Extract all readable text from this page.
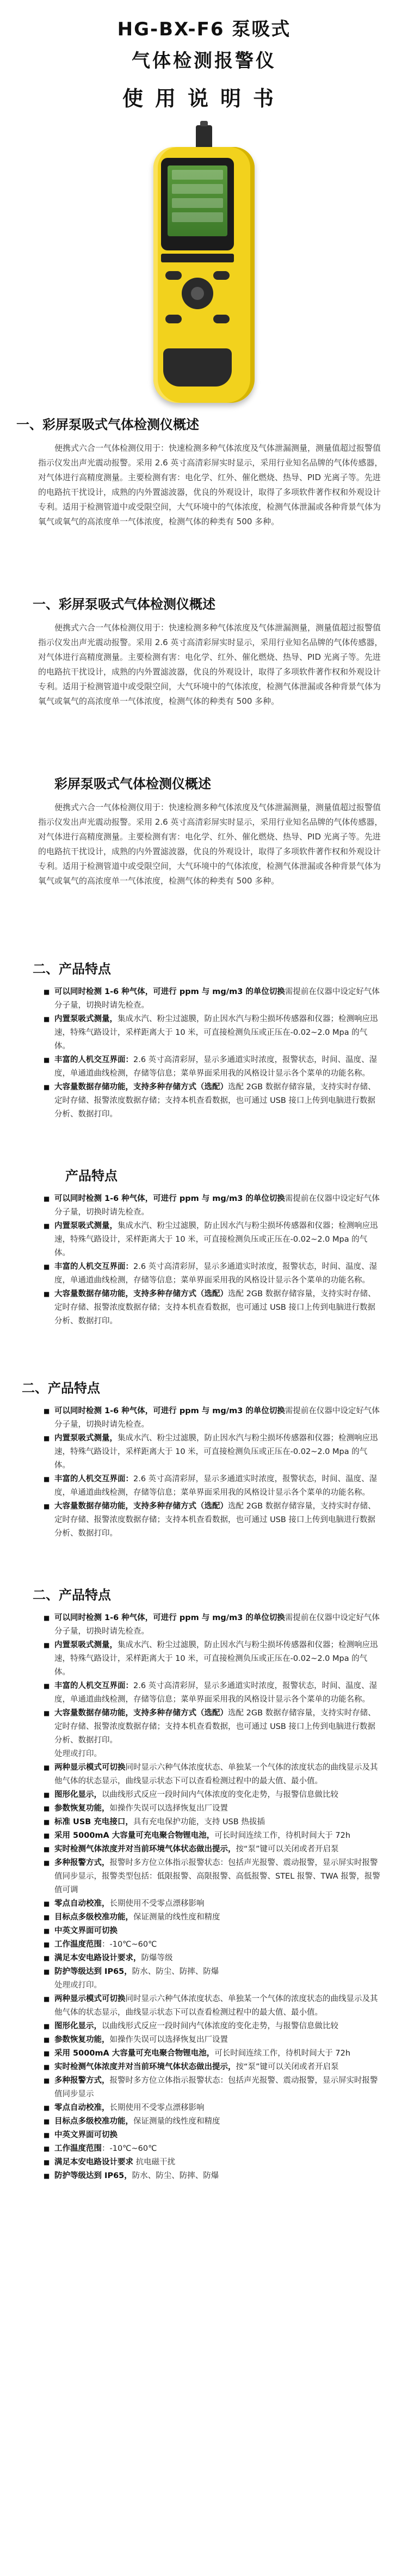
HG-BX-F6 泵吸式
气体检测报警仪
使用说明书
一、彩屏泵吸式气体检测仪概述

便携式六合一气体检测仪用于：快速检测多种气体浓度及气体泄漏测量，测量值超过报警值指示仪发出声光震动报警。采用 2.6 英寸高清彩屏实时显示，采用行业知名品牌的气体传感器，对气体进行高精度测量。主要检测有害：电化学、红外、催化燃烧、热导、PID 光离子等。先进的电路抗干扰设计，成熟的内外置滤波器，优良的外观设计，取得了多项软件著作权和外观设计专利。适用于检测管道中或受限空间，大气环境中的气体浓度，检测气体泄漏或各种背景气体为氧气或氧气的高浓度单一气体浓度，检测气体的种类有 500 多种。

一、彩屏泵吸式气体检测仪概述

便携式六合一气体检测仪用于：快速检测多种气体浓度及气体泄漏测量，测量值超过报警值指示仪发出声光震动报警。采用 2.6 英寸高清彩屏实时显示，采用行业知名品牌的气体传感器，对气体进行高精度测量。主要检测有害：电化学、红外、催化燃烧、热导、PID 光离子等。先进的电路抗干扰设计，成熟的内外置滤波器，优良的外观设计，取得了多项软件著作权和外观设计专利。适用于检测管道中或受限空间，大气环境中的气体浓度，检测气体泄漏或各种背景气体为氧气或氧气的高浓度单一气体浓度，检测气体的种类有 500 多种。

彩屏泵吸式气体检测仪概述

便携式六合一气体检测仪用于：快速检测多种气体浓度及气体泄漏测量，测量值超过报警值指示仪发出声光震动报警。采用 2.6 英寸高清彩屏实时显示，采用行业知名品牌的气体传感器，对气体进行高精度测量。主要检测有害：电化学、红外、催化燃烧、热导、PID 光离子等。先进的电路抗干扰设计，成熟的内外置滤波器，优良的外观设计，取得了多项软件著作权和外观设计专利。适用于检测管道中或受限空间，大气环境中的气体浓度，检测气体泄漏或各种背景气体为氧气或氧气的高浓度单一气体浓度，检测气体的种类有 500 多种。

二、产品特点
■ 可以同时检测 1-6 种气体，可进行 ppm 与 mg/m3 的单位切换需提前在仪器中设定好气体分子量，切换时请先检查。
■ 内置泵吸式测量，集成水汽、粉尘过滤膜，防止因水汽与粉尘损坏传感器和仪器；检测响应迅速，特殊气路设计，采样距离大于 10 米，可直接检测负压或正压在-0.02~2.0 Mpa 的气体。
■ 丰富的人机交互界面：2.6 英寸高清彩屏，显示多通道实时浓度，报警状态，时间、温度、湿度，单通道曲线检测，存储等信息；菜单界面采用我的风格设计显示各个菜单的功能名称。
■ 大容量数据存储功能，支持多种存储方式（选配）选配 2GB 数据存储容量，支持实时存储、定时存储、报警浓度数据存储；支持本机查看数据，也可通过 USB 接口上传到电脑进行数据分析、数据打印。
产品特点
■ 可以同时检测 1-6 种气体，可进行 ppm 与 mg/m3 的单位切换需提前在仪器中设定好气体分子量，切换时请先检查。
■ 内置泵吸式测量，集成水汽、粉尘过滤膜，防止因水汽与粉尘损坏传感器和仪器；检测响应迅速，特殊气路设计，采样距离大于 10 米，可直接检测负压或正压在-0.02~2.0 Mpa 的气体。
■ 丰富的人机交互界面：2.6 英寸高清彩屏，显示多通道实时浓度，报警状态，时间、温度、湿度，单通道曲线检测，存储等信息；菜单界面采用我的风格设计显示各个菜单的功能名称。
■ 大容量数据存储功能，支持多种存储方式（选配）选配 2GB 数据存储容量，支持实时存储、定时存储、报警浓度数据存储；支持本机查看数据，也可通过 USB 接口上传到电脑进行数据分析、数据打印。
二、产品特点
■ 可以同时检测 1-6 种气体，可进行 ppm 与 mg/m3 的单位切换需提前在仪器中设定好气体分子量，切换时请先检查。
■ 内置泵吸式测量，集成水汽、粉尘过滤膜，防止因水汽与粉尘损坏传感器和仪器；检测响应迅速，特殊气路设计，采样距离大于 10 米，可直接检测负压或正压在-0.02~2.0 Mpa 的气体。
■ 丰富的人机交互界面：2.6 英寸高清彩屏，显示多通道实时浓度，报警状态，时间、温度、湿度，单通道曲线检测，存储等信息；菜单界面采用我的风格设计显示各个菜单的功能名称。
■ 大容量数据存储功能，支持多种存储方式（选配）选配 2GB 数据存储容量，支持实时存储、定时存储、报警浓度数据存储；支持本机查看数据，也可通过 USB 接口上传到电脑进行数据分析、数据打印。
二、产品特点
■ 可以同时检测 1-6 种气体，可进行 ppm 与 mg/m3 的单位切换需提前在仪器中设定好气体分子量，切换时请先检查。
■ 内置泵吸式测量，集成水汽、粉尘过滤膜，防止因水汽与粉尘损坏传感器和仪器；检测响应迅速，特殊气路设计，采样距离大于 10 米，可直接检测负压或正压在-0.02~2.0 Mpa 的气体。
■ 丰富的人机交互界面：2.6 英寸高清彩屏，显示多通道实时浓度，报警状态，时间、温度、湿度，单通道曲线检测，存储等信息；菜单界面采用我的风格设计显示各个菜单的功能名称。
■ 大容量数据存储功能，支持多种存储方式（选配）选配 2GB 数据存储容量，支持实时存储、定时存储、报警浓度数据存储；支持本机查看数据，也可通过 USB 接口上传到电脑进行数据分析、数据打印。

处理或打印。

■ 两种显示模式可切换同时显示六种气体浓度状态、单独某一个气体的浓度状态的曲线显示及其他气体的状态显示，曲线显示状态下可以查看检测过程中的最大值、最小值。
■ 图形化显示，以曲线形式反应一段时间内气体浓度的变化走势，与报警信息做比较
■ 参数恢复功能，如操作失误可以选择恢复出厂设置
■ 标准 USB 充电接口，具有充电保护功能，支持 USB 热拔插
■ 采用 5000mA 大容量可充电聚合物锂电池，可长时间连续工作，待机时间大于 72h
■ 实时检测气体浓度并对当前环境气体状态做出提示，按“泵”键可以关闭或者开启泵
■ 多种报警方式，报警时多方位立体指示报警状态：包括声光报警、震动报警，显示屏实时报警值同步显示，报警类型包括：低限报警、高限报警、高低报警、STEL 报警、TWA 报警，报警值可调
■ 零点自动校准，长期使用不受零点漂移影响
■ 目标点多级校准功能，保证测量的线性度和精度
■ 中英文界面可切换
■ 工作温度范围：-10℃~60℃
■ 满足本安电路设计要求，防爆等级
■ 防护等级达到 IP65，防水、防尘、防摔、防爆

处理或打印。

■ 两种显示模式可切换同时显示六种气体浓度状态、单独某一个气体的浓度状态的曲线显示及其他气体的状态显示，曲线显示状态下可以查看检测过程中的最大值、最小值。
■ 图形化显示，以曲线形式反应一段时间内气体浓度的变化走势，与报警信息做比较
■ 参数恢复功能，如操作失误可以选择恢复出厂设置
■ 采用 5000mA 大容量可充电聚合物锂电池，可长时间连续工作，待机时间大于 72h
■ 实时检测气体浓度并对当前环境气体状态做出提示，按“泵”键可以关闭或者开启泵
■ 多种报警方式，报警时多方位立体指示报警状态：包括声光报警、震动报警，显示屏实时报警值同步显示
■ 零点自动校准，长期使用不受零点漂移影响
■ 目标点多级校准功能，保证测量的线性度和精度
■ 中英文界面可切换
■ 工作温度范围：-10℃~60℃
■ 满足本安电路设计要求 抗电磁干扰
■ 防护等级达到 IP65，防水、防尘、防摔、防爆
